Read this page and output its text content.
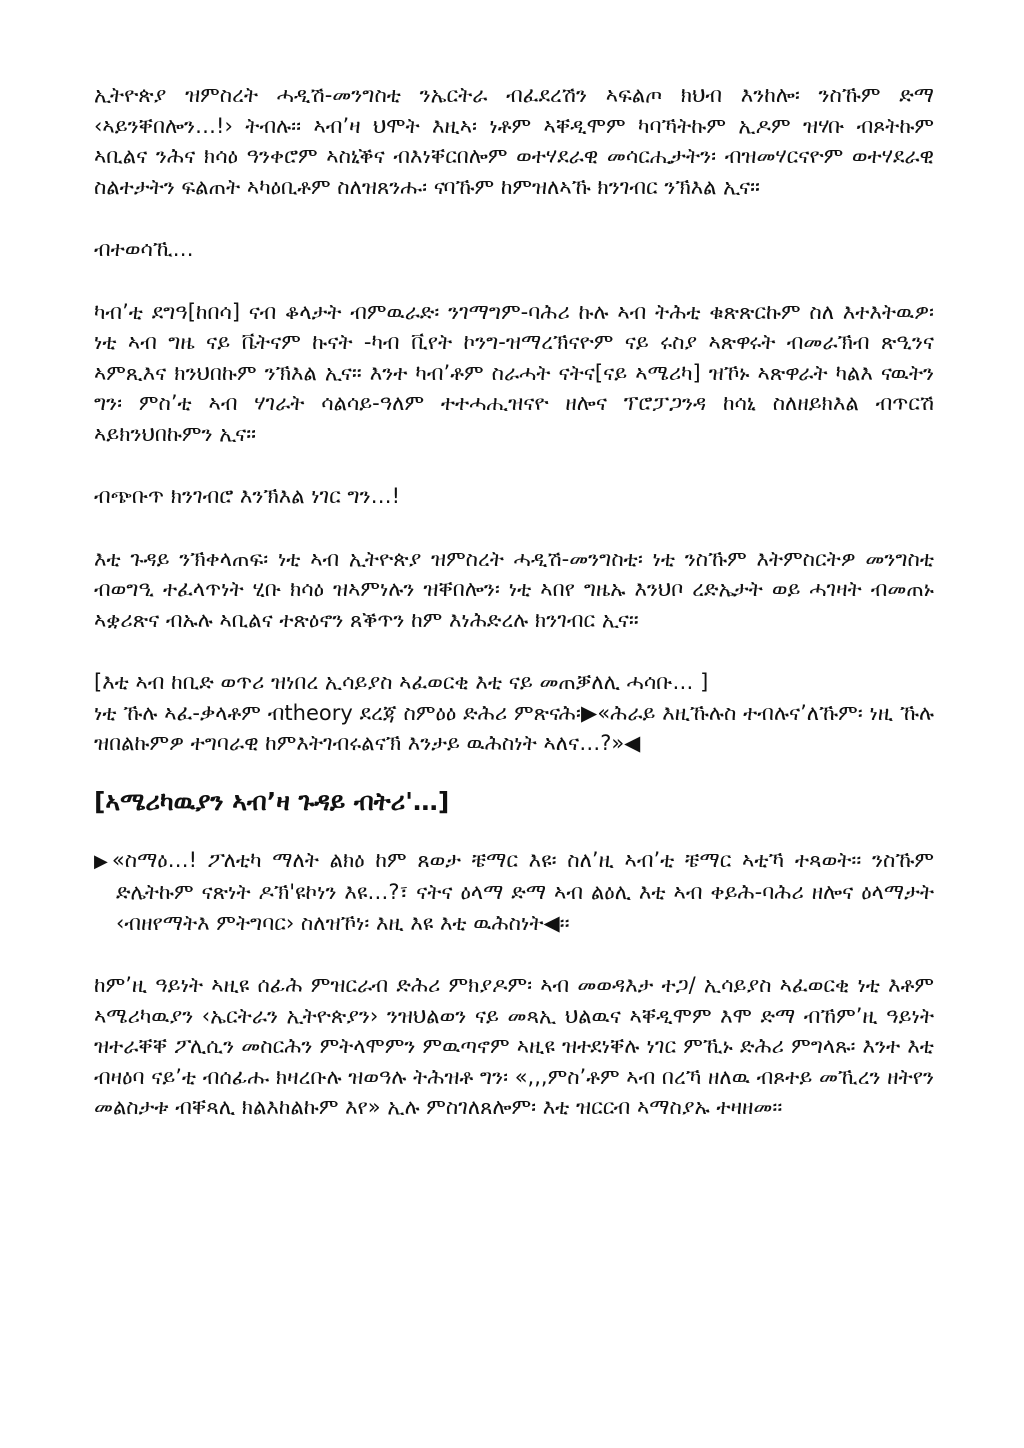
ኢትዮጵያ ዝምስረት ሓዲሽ-መንግስቲ ንኤርትራ ብፈደረሽን ኣፍልጦ ክህብ እንከሎ፡ ንስኹም ድማ ‹ኣይንቐበሎን…!› ትብሉ፡፡ ኣብ’ዛ ህሞት እዚኣ፡ ነቶም ኣቐዲሞም ካባኻትኩም ኢዶም ዝሃቡ ብጾትኩም ኣቢልና ንሕና ክሳዕ ዓንቀሮም ኣስኒቕና ብእነቐርበሎም ወተሃደራዊ መሳርሒታትን፡ ብዝመሃርናዮም ወተሃደራዊ ስልተታትን ፍልጠት ኣካዕቢቶም ስለዝጸንሑ፡ ናባኹም ከምዝለኣኹ ክንገብር ንኽእል ኢና።

ብተወሳኺ…

ካብ’ቲ ደግዓ[ከበሳ] ናብ ቆላታት ብምዉራድ፡ ንገማግም-ባሕሪ ኩሉ ኣብ ትሕቲ ቁጽጽርኩም ስለ እተእትዉዎ፡ ነቲ ኣብ ግዜ ናይ ቬትናም ኩናት -ካብ ቪየት ኮንግ-ዝማረኽናዮም ናይ ሩስያ ኣጽዋሩት ብመራኽብ ጽዒንና ኣምጺእና ክንህበኩም ንኽእል ኢና። እንተ ካብ’ቶም ስራሓት ናትና[ናይ ኣሜሪካ] ዝኾኑ ኣጽዋራት ካልእ ናዉትን ግን፡ ምስ’ቲ ኣብ ሃገራት ሳልሳይ-ዓለም ተተሓሒዝናዮ ዘሎና ፕሮፓጋንዳ ከሳኒ ስለዘይክእል ብጥርሽ ኣይክንህበኩምን ኢና።

ብጭቡጥ ክንገብሮ እንኽእል ነገር ግን…!

እቲ ጉዳይ ንኽቀላጠፍ፡ ነቲ ኣብ ኢትዮጵያ ዝምስረት ሓዲሽ-መንግስቲ፡ ነቲ ንስኹም እትምስርትዎ መንግስቲ ብወግዒ ተፈላጥነት ሂቡ ክሳዕ ዝኣምነሉን ዝቐበሎን፡ ነቲ ኣበየ ግዜኡ እንህቦ ረድኤታት ወይ ሓገዛት ብመጠኑ ኣቋሪጽና ብኡሉ ኣቢልና ተጽዕኖን ጸቕጥን ከም እነሕድረሉ ክንገብር ኢና።

[እቲ ኣብ ከቢድ ወጥሪ ዝነበረ ኢሳይያስ ኣፈወርቂ እቲ ናይ መጠቓለሊ ሓሳቡ… ]

ነቲ ኹሉ ኣፈ-ቃላቶም ብtheory ደረጃ ስምዕዕ ድሕሪ ምጽናሕ፡▶«ሕራይ እዚኹሉስ ተብሉና’ለኹም፡ ነዚ ኹሉ ዝበልኩምዎ ተግባራዊ ከምእትገብሩልናኽ እንታይ ዉሕስነት ኣለና…?»◀

[ኣሜሪካዉያን ኣብ’ዛ ጉዳይ ብትሪ'…]

▶«ስማዕ…! ፖለቲካ ማለት ልክዕ ከም ጸወታ ቼማር እዩ፡ ስለ’ዚ ኣብ’ቲ ቼማር ኣቲኻ ተጻወት፡፡ ንስኹም ድሌትኩም ናጽነት ዶኽ'ዩኮነን እዩ…?፣ ናትና ዕላማ ድማ ኣብ ልዕሊ እቲ ኣብ ቀይሕ-ባሕሪ ዘሎና ዕላማታት ‹ብዘየማትእ ምትግባር› ስለዝኾነ፡ እዚ እዩ እቲ ዉሕስነት◀፡፡

ከም’ዚ ዓይነት ኣዚዩ ሰፊሕ ምዝርራብ ድሕሪ ምክያዶም፡ ኣብ መወዳእታ ተጋ/ ኢሳይያስ ኣፈወርቂ ነቲ እቶም ኣሜሪካዉያን ‹ኤርትራን ኢትዮጵያን› ንዝህልወን ናይ መጻኢ ህልዉና ኣቐዲሞም እሞ ድማ ብኸም’ዚ ዓይነት ዝተራቐቐ ፖሊሲን መስርሕን ምትላሞምን ምዉጣኖም ኣዚዩ ዝተደነቐሉ ነገር ምኺኑ ድሕሪ ምግላጹ፡ እንተ እቲ ብዛዕባ ናይ’ቲ ብሰፊሑ ክዛረቡሉ ዝወዓሉ ትሕዝቶ ግን፡ «,,,ምስ’ቶም ኣብ በረኻ ዘለዉ ብጾተይ መኺረን ዘትየን መልስታቱ ብቐጻሊ ክልእከልኩም እየ» ኢሉ ምስገለጸሎም፡ እቲ ዝርርብ ኣማስያኡ ተዛዘመ፡፡
